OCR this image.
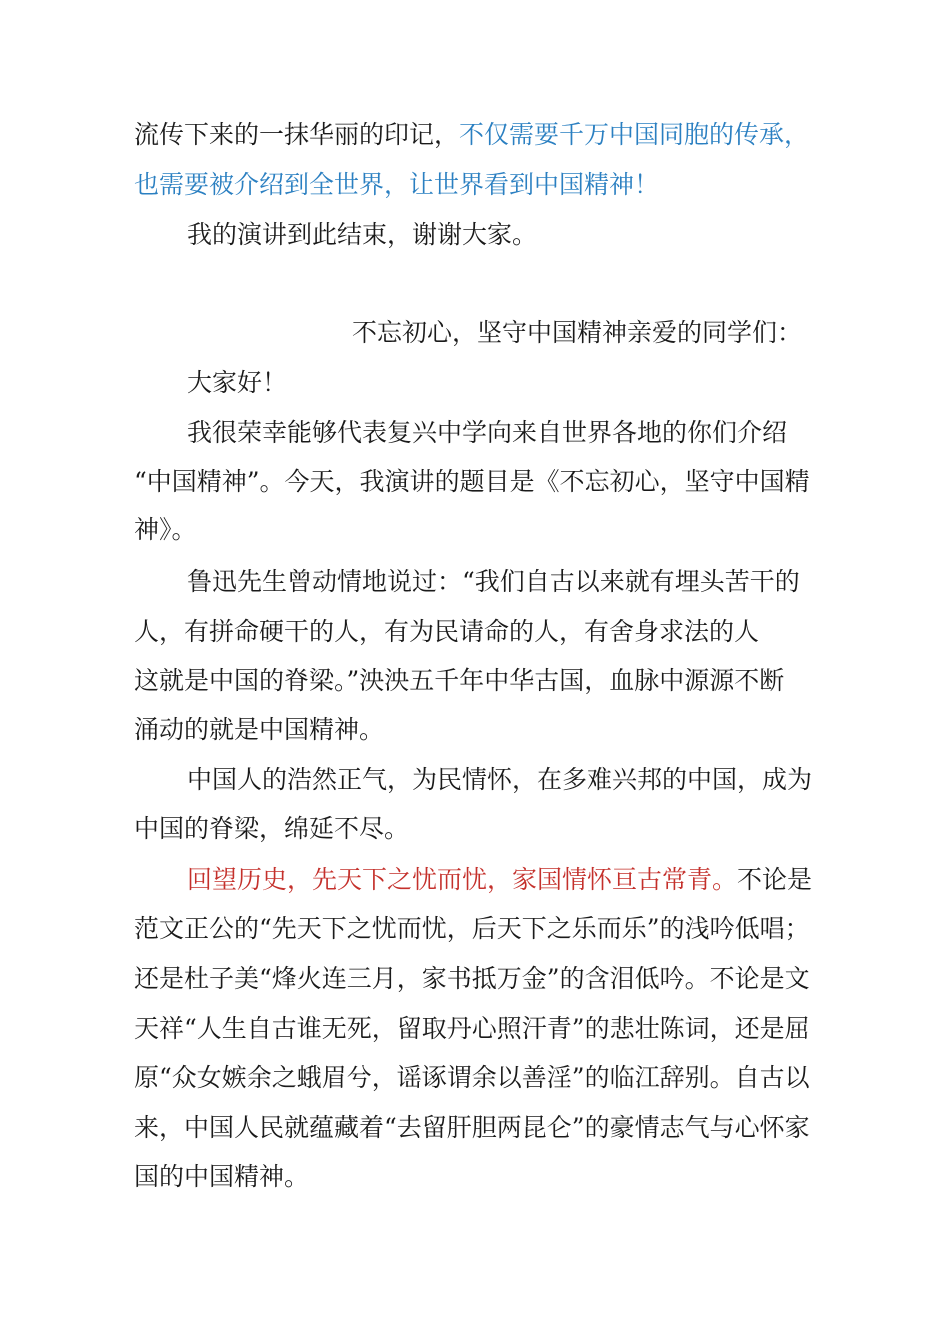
流传下来的一抹华丽的印记，不仅需要千万中国同胞的传承，
也需要被介绍到全世界，让世界看到中国精神！
我的演讲到此结束，谢谢大家。
不忘初心，坚守中国精神亲爱的同学们：
大家好！
我很荣幸能够代表复兴中学向来自世界各地的你们介绍
“中国精神”。今天，我演讲的题目是《不忘初心，坚守中国精
神》。
鲁迅先生曾动情地说过：“我们自古以来就有埋头苦干的
人，有拼命硬干的人，有为民请命的人，有舍身求法的人
这就是中国的脊梁。”泱泱五千年中华古国，血脉中源源不断
涌动的就是中国精神。
中国人的浩然正气，为民情怀，在多难兴邦的中国，成为
中国的脊梁，绵延不尽。
回望历史，先天下之忧而忧，家国情怀亘古常青。不论是
范文正公的“先天下之忧而忧，后天下之乐而乐”的浅吟低唱；
还是杜子美“烽火连三月，家书抵万金”的含泪低吟。不论是文
天祥“人生自古谁无死，留取丹心照汗青”的悲壮陈词，还是屈
原“众女嫉余之蛾眉兮，谣诼谓余以善淫”的临江辞别。自古以
来，中国人民就蕴藏着“去留肝胆两昆仑”的豪情志气与心怀家
国的中国精神。
